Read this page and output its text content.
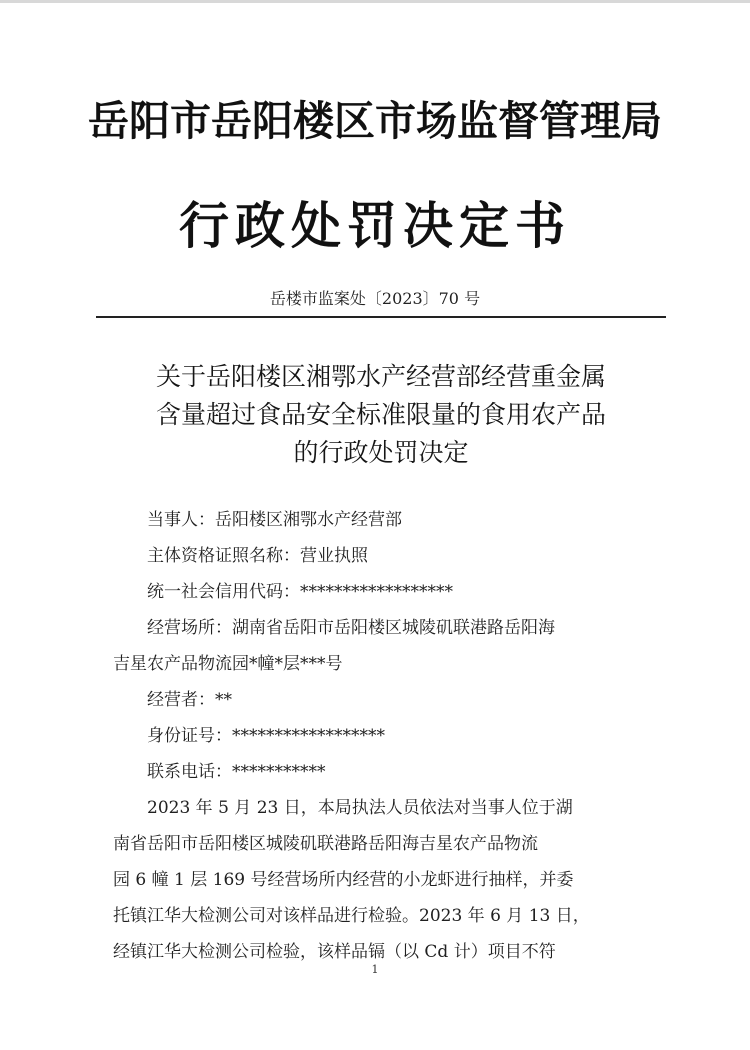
岳阳市岳阳楼区市场监督管理局
行政处罚决定书
岳楼市监案处〔2023〕70 号
关于岳阳楼区湘鄂水产经营部经营重金属
含量超过食品安全标准限量的食用农产品
的行政处罚决定
当事人：岳阳楼区湘鄂水产经营部
主体资格证照名称：营业执照
统一社会信用代码：******************
经营场所：湖南省岳阳市岳阳楼区城陵矶联港路岳阳海
吉星农产品物流园*幢*层***号
经营者：**
身份证号：******************
联系电话：***********
2023 年 5 月 23 日，本局执法人员依法对当事人位于湖
南省岳阳市岳阳楼区城陵矶联港路岳阳海吉星农产品物流
园 6 幢 1 层 169 号经营场所内经营的小龙虾进行抽样，并委
托镇江华大检测公司对该样品进行检验。2023 年 6 月 13 日，
经镇江华大检测公司检验，该样品镉（以 Cd 计）项目不符
1
